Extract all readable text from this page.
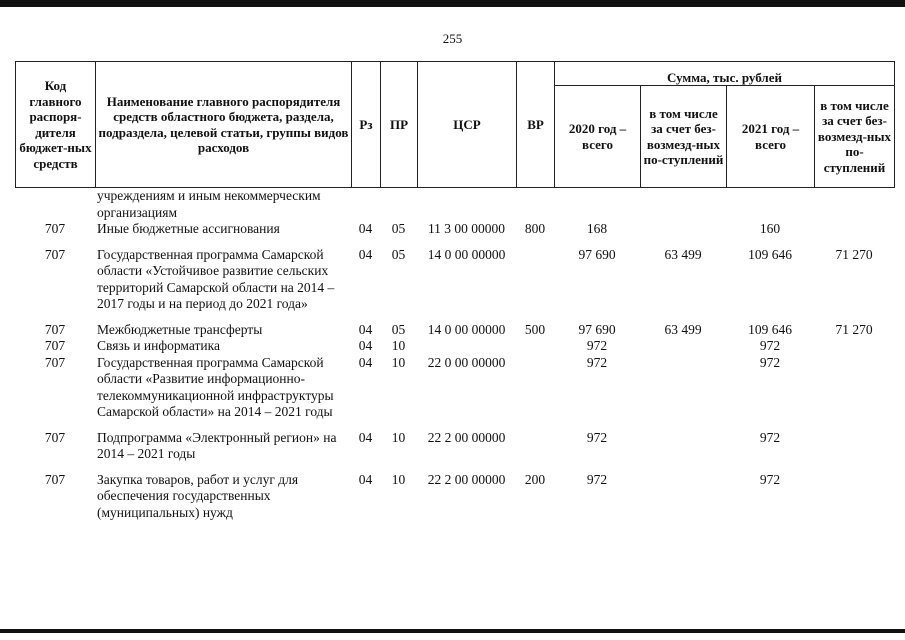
255
Код главного распоря-дителя бюджет-ных средств	Наименование главного распорядителя средств областного бюджета, раздела, подраздела, целевой статьи, группы видов расходов	Рз	ПР	ЦСР	ВР	Сумма, тыс. рублей			
						2020 год – всего	в том числе за счет без-возмезд-ных по-ступлений	2021 год – всего	в том числе за счет без-возмезд-ных по-ступлений
	учреждениям и иным некоммерческим организациям								
707	Иные бюджетные ассигнования	04	05	11 3 00 00000	800	168		160	
707	Государственная программа Самарской области «Устойчивое развитие сельских территорий Самарской области на 2014 – 2017 годы и на период до 2021 года»	04	05	14 0 00 00000		97 690	63 499	109 646	71 270
707	Межбюджетные трансферты	04	05	14 0 00 00000	500	97 690	63 499	109 646	71 270
707	Связь и информатика	04	10			972		972	
707	Государственная программа Самарской области «Развитие информационно-телекоммуникационной инфраструктуры Самарской области» на 2014 – 2021 годы	04	10	22 0 00 00000		972		972	
707	Подпрограмма «Электронный регион» на 2014 – 2021 годы	04	10	22 2 00 00000		972		972	
707	Закупка товаров, работ и услуг для обеспечения государственных (муниципальных) нужд	04	10	22 2 00 00000	200	972		972	
